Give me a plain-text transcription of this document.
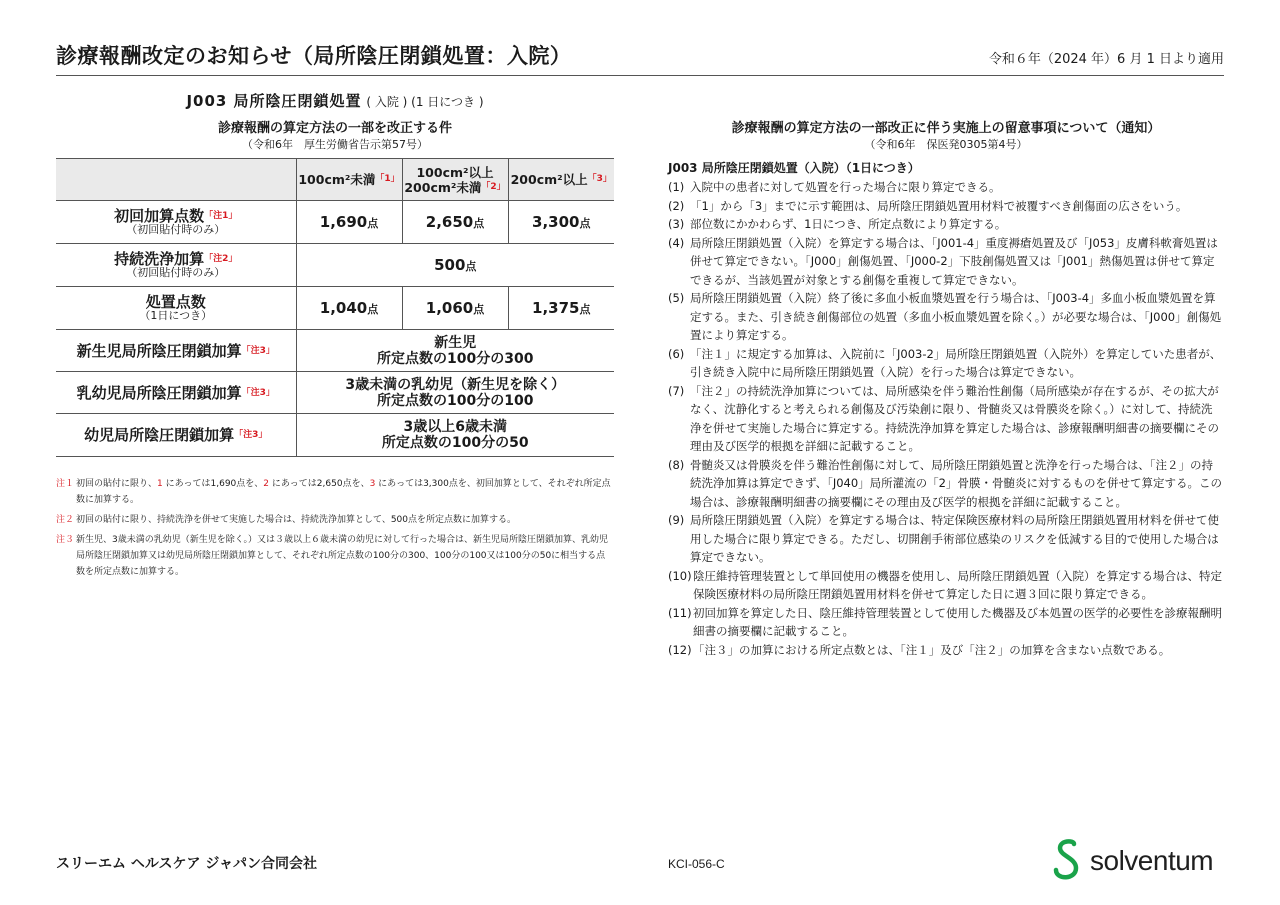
診療報酬改定のお知らせ（局所陰圧閉鎖処置：入院）	令和６年（2024 年）6 月 1 日より適用
J003 局所陰圧閉鎖処置 ( 入院 ) (1 日につき )
診療報酬の算定方法の一部を改正する件
（令和6年　厚生労働省告示第57号）
	100cm²未満$^{「1」}$	100cm²以上
200cm²未満$^{「2」}$	200cm²以上$^{「3」}$

初回加算点数$^{「注1」}$
（初回貼付時のみ）	1,690点	2,650点	3,300点

持続洗浄加算$^{「注2」}$
（初回貼付時のみ）	500点		

処置点数
（1日につき）	1,040点	1,060点	1,375点

新生児局所陰圧閉鎖加算$^{「注3」}$	新生児
所定点数の100分の300		

乳幼児局所陰圧閉鎖加算$^{「注3」}$	3歳未満の乳幼児（新生児を除く）
所定点数の100分の100		

幼児局所陰圧閉鎖加算$^{「注3」}$	3歳以上6歳未満
所定点数の100分の50		
注１ 初回の貼付に限り、1 にあっては1,690点を、2 にあっては2,650点を、3 にあっては3,300点を、初回加算として、それぞれ所定点数に加算する。
注２ 初回の貼付に限り、持続洗浄を併せて実施した場合は、持続洗浄加算として、500点を所定点数に加算する。
注３ 新生児、3歳未満の乳幼児（新生児を除く。）又は３歳以上６歳未満の幼児に対して行った場合は、新生児局所陰圧閉鎖加算、乳幼児局所陰圧閉鎖加算又は幼児局所陰圧閉鎖加算として、それぞれ所定点数の100分の300、100分の100又は100分の50に相当する点数を所定点数に加算する。
診療報酬の算定方法の一部改正に伴う実施上の留意事項について（通知）
（令和6年　保医発0305第4号）
J003 局所陰圧閉鎖処置（入院）（1日につき）
(1) 入院中の患者に対して処置を行った場合に限り算定できる。
(2) 「1」から「3」までに示す範囲は、局所陰圧閉鎖処置用材料で被覆すべき創傷面の広さをいう。
(3) 部位数にかかわらず、1日につき、所定点数により算定する。
(4) 局所陰圧閉鎖処置（入院）を算定する場合は、「J001-4」重度褥瘡処置及び「J053」皮膚科軟膏処置は併せて算定できない。「J000」創傷処置、「J000-2」下肢創傷処置又は「J001」熱傷処置は併せて算定できるが、当該処置が対象とする創傷を重複して算定できない。
(5) 局所陰圧閉鎖処置（入院）終了後に多血小板血漿処置を行う場合は、「J003-4」多血小板血漿処置を算定する。また、引き続き創傷部位の処置（多血小板血漿処置を除く。）が必要な場合は、「J000」創傷処置により算定する。
(6) 「注１」に規定する加算は、入院前に「J003-2」局所陰圧閉鎖処置（入院外）を算定していた患者が、引き続き入院中に局所陰圧閉鎖処置（入院）を行った場合は算定できない。
(7) 「注２」の持続洗浄加算については、局所感染を伴う難治性創傷（局所感染が存在するが、その拡大がなく、沈静化すると考えられる創傷及び汚染創に限り、骨髄炎又は骨膜炎を除く。）に対して、持続洗浄を併せて実施した場合に算定する。持続洗浄加算を算定した場合は、診療報酬明細書の摘要欄にその理由及び医学的根拠を詳細に記載すること。
(8) 骨髄炎又は骨膜炎を伴う難治性創傷に対して、局所陰圧閉鎖処置と洗浄を行った場合は、「注２」の持続洗浄加算は算定できず、「J040」局所灌流の「2」骨膜・骨髄炎に対するものを併せて算定する。この場合は、診療報酬明細書の摘要欄にその理由及び医学的根拠を詳細に記載すること。
(9) 局所陰圧閉鎖処置（入院）を算定する場合は、特定保険医療材料の局所陰圧閉鎖処置用材料を併せて使用した場合に限り算定できる。ただし、切開創手術部位感染のリスクを低減する目的で使用した場合は算定できない。
(10) 陰圧維持管理装置として単回使用の機器を使用し、局所陰圧閉鎖処置（入院）を算定する場合は、特定保険医療材料の局所陰圧閉鎖処置用材料を併せて算定した日に週３回に限り算定できる。
(11) 初回加算を算定した日、陰圧維持管理装置として使用した機器及び本処置の医学的必要性を診療報酬明細書の摘要欄に記載すること。
(12) 「注３」の加算における所定点数とは、「注１」及び「注２」の加算を含まない点数である。
スリーエム ヘルスケア ジャパン合同会社	KCI-056-C	solventum
